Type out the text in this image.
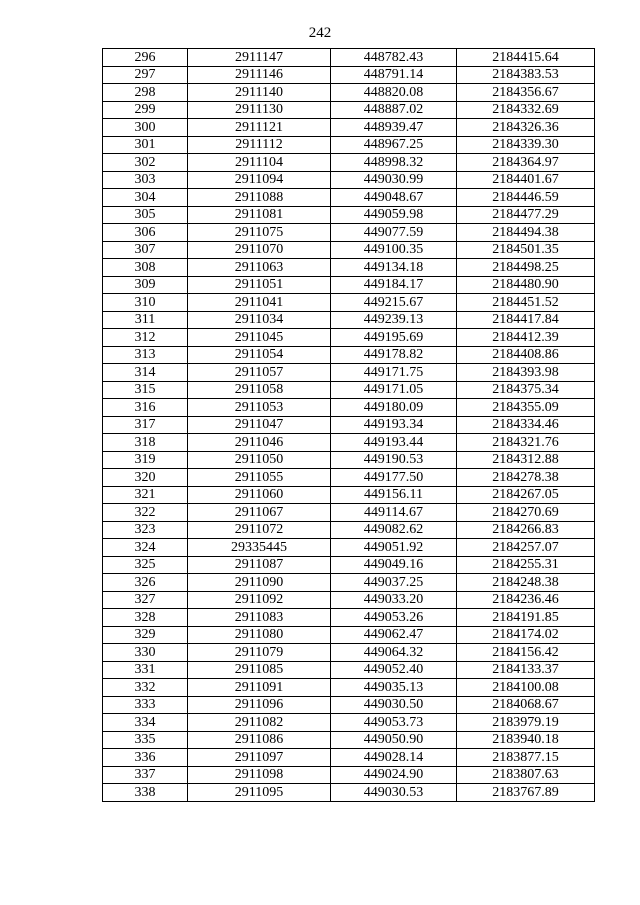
242
296	2911147	448782.43	2184415.64
297	2911146	448791.14	2184383.53
298	2911140	448820.08	2184356.67
299	2911130	448887.02	2184332.69
300	2911121	448939.47	2184326.36
301	2911112	448967.25	2184339.30
302	2911104	448998.32	2184364.97
303	2911094	449030.99	2184401.67
304	2911088	449048.67	2184446.59
305	2911081	449059.98	2184477.29
306	2911075	449077.59	2184494.38
307	2911070	449100.35	2184501.35
308	2911063	449134.18	2184498.25
309	2911051	449184.17	2184480.90
310	2911041	449215.67	2184451.52
311	2911034	449239.13	2184417.84
312	2911045	449195.69	2184412.39
313	2911054	449178.82	2184408.86
314	2911057	449171.75	2184393.98
315	2911058	449171.05	2184375.34
316	2911053	449180.09	2184355.09
317	2911047	449193.34	2184334.46
318	2911046	449193.44	2184321.76
319	2911050	449190.53	2184312.88
320	2911055	449177.50	2184278.38
321	2911060	449156.11	2184267.05
322	2911067	449114.67	2184270.69
323	2911072	449082.62	2184266.83
324	29335445	449051.92	2184257.07
325	2911087	449049.16	2184255.31
326	2911090	449037.25	2184248.38
327	2911092	449033.20	2184236.46
328	2911083	449053.26	2184191.85
329	2911080	449062.47	2184174.02
330	2911079	449064.32	2184156.42
331	2911085	449052.40	2184133.37
332	2911091	449035.13	2184100.08
333	2911096	449030.50	2184068.67
334	2911082	449053.73	2183979.19
335	2911086	449050.90	2183940.18
336	2911097	449028.14	2183877.15
337	2911098	449024.90	2183807.63
338	2911095	449030.53	2183767.89
